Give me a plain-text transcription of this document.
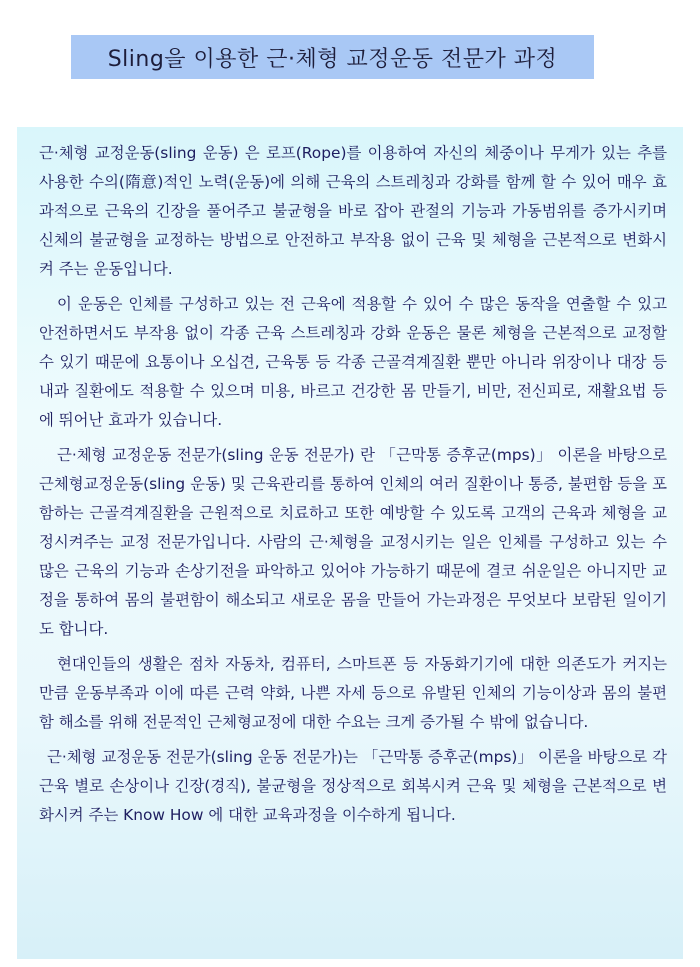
Sling을 이용한 근·체형 교정운동 전문가 과정

근·체형 교정운동(sling 운동) 은 로프(Rope)를 이용하여 자신의 체중이나 무게가 있는 추를 사용한 수의(隋意)적인 노력(운동)에 의해 근육의 스트레칭과 강화를 함께 할 수 있어 매우 효과적으로 근육의 긴장을 풀어주고 불균형을 바로 잡아 관절의 기능과 가동범위를 증가시키며 신체의 불균형을 교정하는 방법으로 안전하고 부작용 없이 근육 및 체형을 근본적으로 변화시켜 주는 운동입니다.

이 운동은 인체를 구성하고 있는 전 근육에 적용할 수 있어 수 많은 동작을 연출할 수 있고 안전하면서도 부작용 없이 각종 근육 스트레칭과 강화 운동은 물론 체형을 근본적으로 교정할 수 있기 때문에 요통이나 오십견, 근육통 등 각종 근골격계질환 뿐만 아니라 위장이나 대장 등 내과 질환에도 적용할 수 있으며 미용, 바르고 건강한 몸 만들기, 비만, 전신피로, 재활요법 등에 뛰어난 효과가 있습니다.

근·체형 교정운동 전문가(sling 운동 전문가) 란 「근막통 증후군(mps)」 이론을 바탕으로 근체형교정운동(sling 운동) 및 근육관리를 통하여 인체의 여러 질환이나 통증, 불편함 등을 포함하는 근골격계질환을 근원적으로 치료하고 또한 예방할 수 있도록 고객의 근육과 체형을 교정시켜주는 교정 전문가입니다. 사람의 근·체형을 교정시키는 일은 인체를 구성하고 있는 수 많은 근육의 기능과 손상기전을 파악하고 있어야 가능하기 때문에 결코 쉬운일은 아니지만 교정을 통하여 몸의 불편함이 해소되고 새로운 몸을 만들어 가는과정은 무엇보다 보람된 일이기도 합니다.

현대인들의 생활은 점차 자동차, 컴퓨터, 스마트폰 등 자동화기기에 대한 의존도가 커지는 만큼 운동부족과 이에 따른 근력 약화, 나쁜 자세 등으로 유발된 인체의 기능이상과 몸의 불편함 해소를 위해 전문적인 근체형교정에 대한 수요는 크게 증가될 수 밖에 없습니다.

근·체형 교정운동 전문가(sling 운동 전문가)는 「근막통 증후군(mps)」 이론을 바탕으로 각 근육 별로 손상이나 긴장(경직), 불균형을 정상적으로 회복시켜 근육 및 체형을 근본적으로 변화시켜 주는 Know How 에 대한 교육과정을 이수하게 됩니다.
